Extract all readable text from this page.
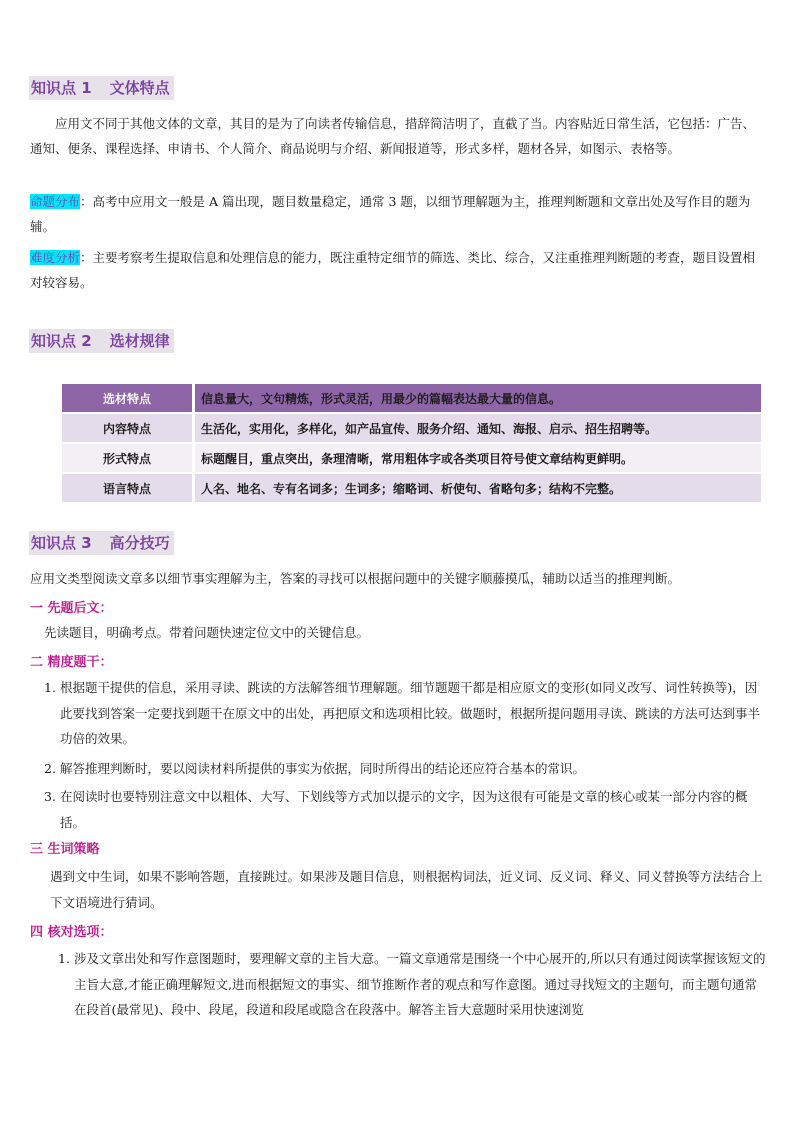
知识点 1 文体特点
应用文不同于其他文体的文章，其目的是为了向读者传输信息，措辞简洁明了，直截了当。内容贴近日常生活，它包括：广告、通知、便条、课程选择、申请书、个人简介、商品说明与介绍、新闻报道等，形式多样，题材各异，如图示、表格等。
命题分布：高考中应用文一般是 A 篇出现，题目数量稳定，通常 3 题，以细节理解题为主，推理判断题和文章出处及写作目的题为辅。
难度分析：主要考察考生提取信息和处理信息的能力，既注重特定细节的筛选、类比、综合，又注重推理判断题的考查，题目设置相对较容易。
知识点 2 选材规律
选材特点	信息量大，文句精炼，形式灵活，用最少的篇幅表达最大量的信息。
内容特点	生活化，实用化，多样化，如产品宣传、服务介绍、通知、海报、启示、招生招聘等。
形式特点	标题醒目，重点突出，条理清晰，常用粗体字或各类项目符号使文章结构更鲜明。
语言特点	人名、地名、专有名词多；生词多；缩略词、析使句、省略句多；结构不完整。
知识点 3 高分技巧
应用文类型阅读文章多以细节事实理解为主，答案的寻找可以根据问题中的关键字顺藤摸瓜，辅助以适当的推理判断。
一 先题后文：
先读题目，明确考点。带着问题快速定位文中的关键信息。
二 精度题干：
1. 根据题干提供的信息，采用寻读、跳读的方法解答细节理解题。细节题题干都是相应原文的变形(如同义改写、词性转换等)，因此要找到答案一定要找到题干在原文中的出处，再把原文和选项相比较。做题时，根据所提问题用寻读、跳读的方法可达到事半功倍的效果。
2. 解答推理判断时，要以阅读材料所提供的事实为依据，同时所得出的结论还应符合基本的常识。
3. 在阅读时也要特别注意文中以粗体、大写、下划线等方式加以提示的文字，因为这很有可能是文章的核心或某一部分内容的概括。
三 生词策略
遇到文中生词，如果不影响答题，直接跳过。如果涉及题目信息，则根据构词法，近义词、反义词、释义、同义替换等方法结合上下文语境进行猜词。
四 核对选项：
1. 涉及文章出处和写作意图题时，要理解文章的主旨大意。一篇文章通常是围绕一个中心展开的,所以只有通过阅读掌握该短文的主旨大意,才能正确理解短文,进而根据短文的事实、细节推断作者的观点和写作意图。通过寻找短文的主题句，而主题句通常在段首(最常见)、段中、段尾，段道和段尾或隐含在段落中。解答主旨大意题时采用快速浏览
